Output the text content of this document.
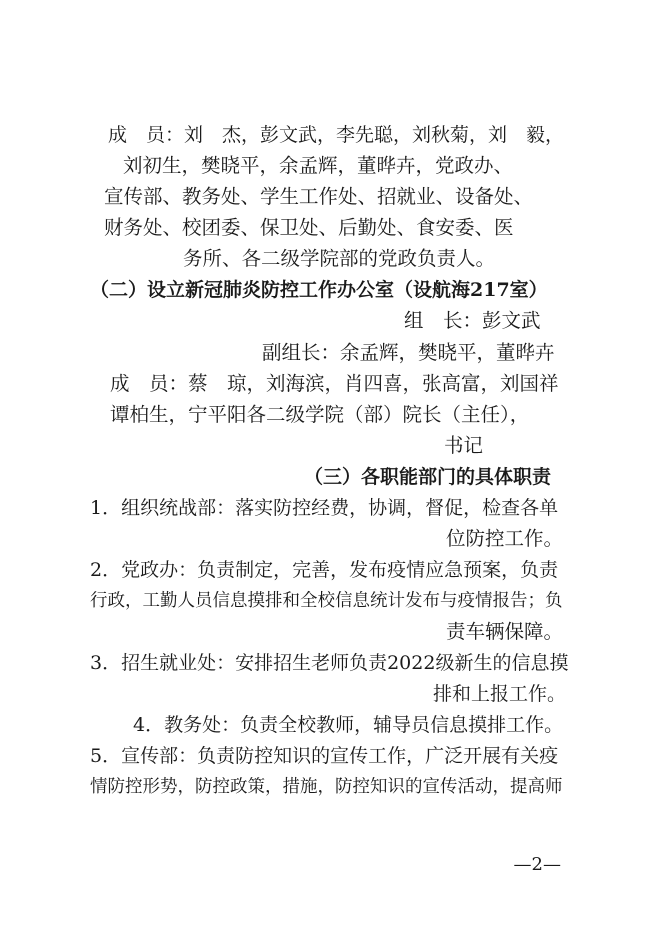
成　员：刘　杰，彭文武，李先聪，刘秋菊，刘　毅，
刘初生，樊晓平，余孟辉，董晔卉，党政办、
宣传部、教务处、学生工作处、招就业、设备处、
财务处、校团委、保卫处、后勤处、食安委、医
务所、各二级学院部的党政负责人。
（二）设立新冠肺炎防控工作办公室（设航海217室）
组　长：彭文武
副组长：余孟辉，樊晓平，董晔卉
成　员：蔡　琼，刘海滨，肖四喜，张高富，刘国祥
谭柏生，宁平阳各二级学院（部）院长（主任），
书记
（三）各职能部门的具体职责
1．组织统战部：落实防控经费，协调，督促，检查各单
位防控工作。
2．党政办：负责制定，完善，发布疫情应急预案，负责
行政，工勤人员信息摸排和全校信息统计发布与疫情报告；负
责车辆保障。
3．招生就业处：安排招生老师负责2022级新生的信息摸
排和上报工作。
4．教务处：负责全校教师，辅导员信息摸排工作。
5．宣传部：负责防控知识的宣传工作，广泛开展有关疫
情防控形势，防控政策，措施，防控知识的宣传活动，提高师
—2—
